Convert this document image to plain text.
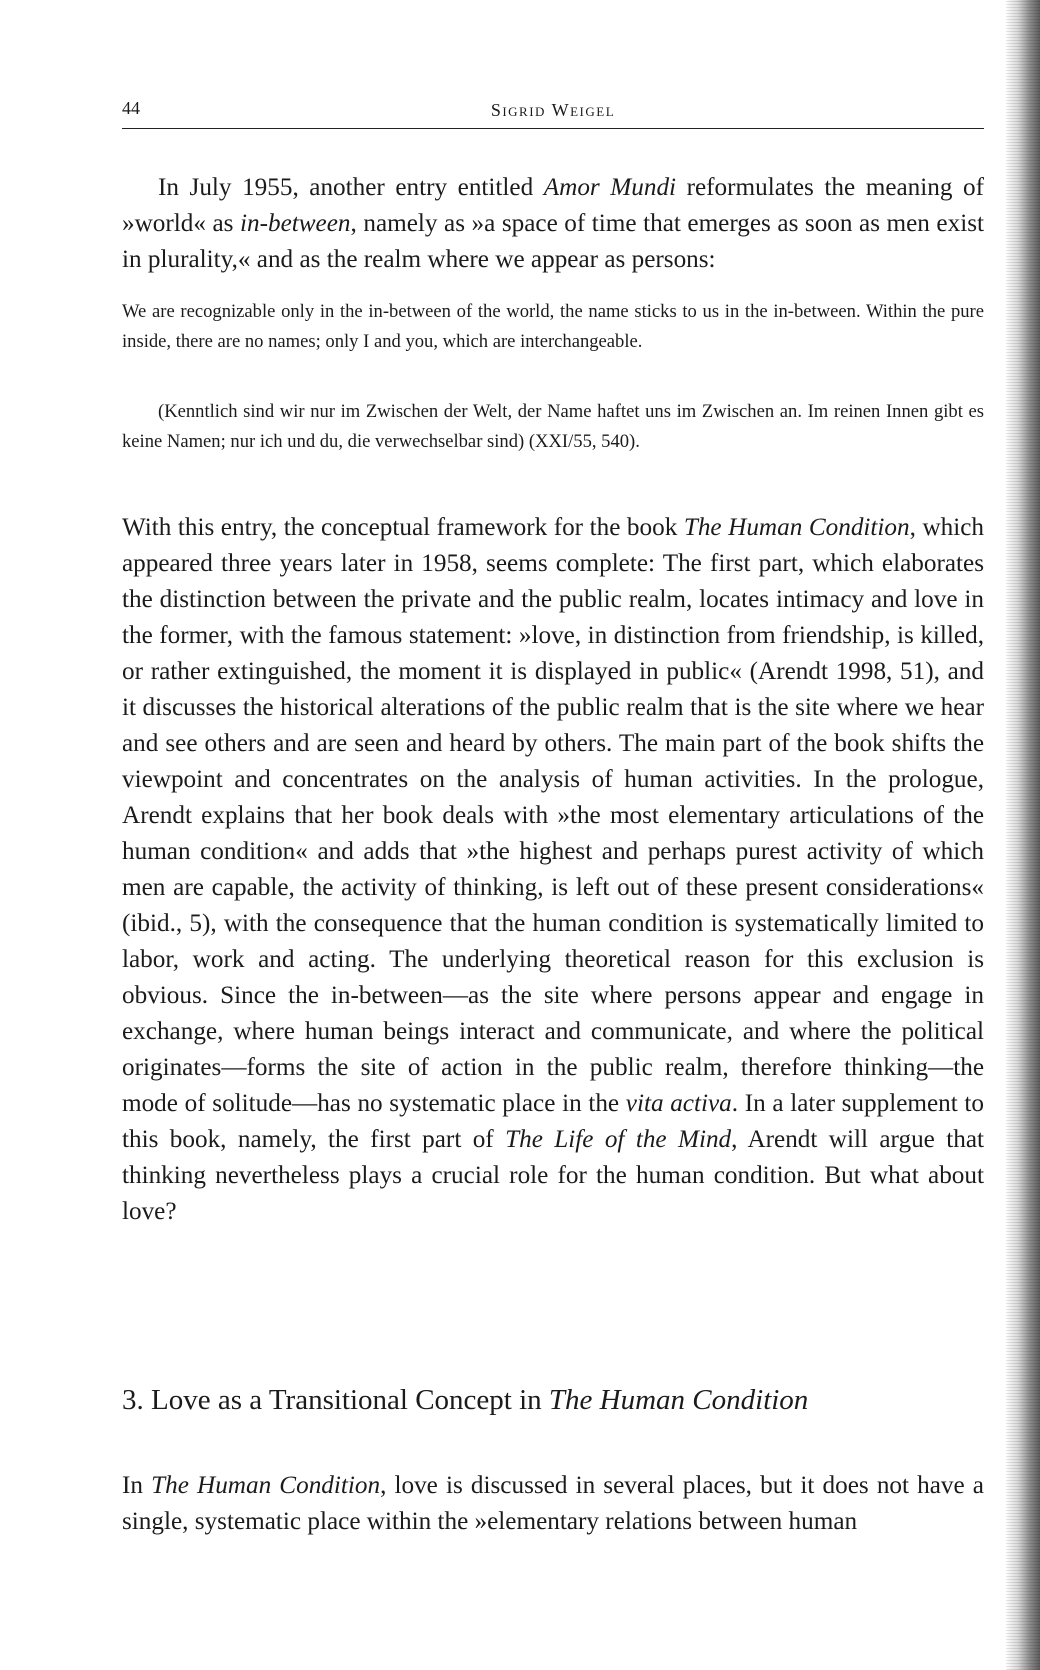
44	Sigrid Weigel

In July 1955, another entry entitled Amor Mundi reformulates the meaning of »world« as in-between, namely as »a space of time that emerges as soon as men exist in plurality,« and as the realm where we appear as persons:

We are recognizable only in the in-between of the world, the name sticks to us in the in-between. Within the pure inside, there are no names; only I and you, which are interchangeable.

(Kenntlich sind wir nur im Zwischen der Welt, der Name haftet uns im Zwischen an. Im reinen Innen gibt es keine Namen; nur ich und du, die verwechselbar sind) (XXI/55, 540).

With this entry, the conceptual framework for the book The Human Condition, which appeared three years later in 1958, seems complete: The first part, which elaborates the distinction between the private and the public realm, locates intimacy and love in the former, with the famous statement: »love, in distinction from friendship, is killed, or rather extinguished, the moment it is displayed in public« (Arendt 1998, 51), and it discusses the historical alterations of the public realm that is the site where we hear and see others and are seen and heard by others. The main part of the book shifts the viewpoint and concentrates on the analysis of human activities. In the prologue, Arendt explains that her book deals with »the most elementary articulations of the human condition« and adds that »the highest and perhaps purest activity of which men are capable, the activity of thinking, is left out of these present considerations« (ibid., 5), with the consequence that the human condition is systematically limited to labor, work and acting. The underlying theoretical reason for this exclusion is obvious. Since the in-between—as the site where persons appear and engage in exchange, where human beings interact and communicate, and where the political originates—forms the site of action in the public realm, therefore thinking—the mode of solitude—has no systematic place in the vita activa. In a later supplement to this book, namely, the first part of The Life of the Mind, Arendt will argue that thinking nevertheless plays a crucial role for the human condition. But what about love?

3. Love as a Transitional Concept in The Human Condition

In The Human Condition, love is discussed in several places, but it does not have a single, systematic place within the »elementary relations between human
